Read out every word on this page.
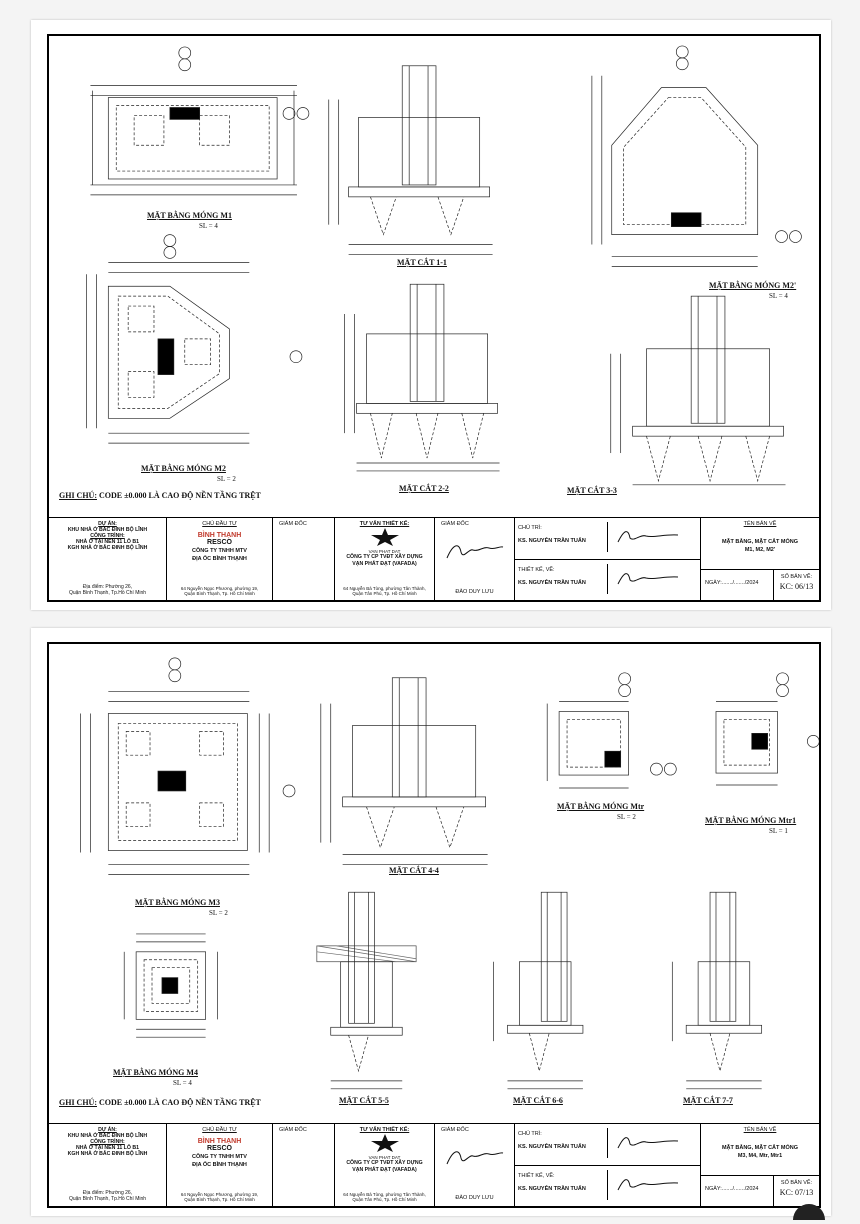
MẶT BẰNG MÓNG M1
SL = 4
MẶT CẮT 1-1
MẶT BẰNG MÓNG M2'
SL = 4
MẶT BẰNG MÓNG M2
SL = 2
MẶT CẮT 2-2	MẶT CẮT 3-3
GHI CHÚ: CODE ±0.000 LÀ CAO ĐỘ NỀN TẦNG TRỆT
DỰ ÁN:
KHU NHÀ Ở BẮC ĐINH BỘ LĨNH
CÔNG TRÌNH:
NHÀ Ở TẠI NỀN 11 LÔ B1
KGH NHÀ Ở BẮC ĐINH BỘ LĨNH
Địa điểm: Phường 26,
Quận Bình Thạnh, Tp.Hồ Chí Minh
CHỦ ĐẦU TƯ
BÌNH THẠNH
RESCO
CÔNG TY TNHH MTV
ĐỊA ỐC BÌNH THẠNH
64 Nguyễn Ngọc Phương, phường 19,
Quận Bình Thạnh, Tp. Hồ Chí Minh
GIÁM ĐỐC	TƯ VẤN THIẾT KẾ:
VAN PHAT DAT
CÔNG TY CP TVĐT XÂY DỰNG
VẠN PHÁT ĐẠT (VAFADA)
64 Nguyễn Bá Tòng, phường Tân Thành,
Quận Tân Phú, Tp. Hồ Chí Minh
GIÁM ĐỐC
ĐÀO DUY LƯU
CHỦ TRÌ:
KS. NGUYỄN TRẦN TUẤN
THIẾT KẾ, VẼ:
KS. NGUYỄN TRẦN TUẤN
TÊN BẢN VẼ
MẶT BẰNG, MẶT CẮT MÓNG
M1, M2, M2'
NGÀY:......./......./2024
SỐ BẢN VẼ:
KC: 06/13
MẶT BẰNG MÓNG M3
SL = 2
MẶT CẮT 4-4
MẶT BẰNG MÓNG Mtr
SL = 2	MẶT BẰNG MÓNG Mtr1
SL = 1
MẶT BẰNG MÓNG M4
SL = 4
MẶT CẮT 5-5	MẶT CẮT 6-6	MẶT CẮT 7-7
GHI CHÚ: CODE ±0.000 LÀ CAO ĐỘ NỀN TẦNG TRỆT
DỰ ÁN:
KHU NHÀ Ở BẮC ĐINH BỘ LĨNH
CÔNG TRÌNH:
NHÀ Ở TẠI NỀN 11 LÔ B1
KGH NHÀ Ở BẮC ĐINH BỘ LĨNH
Địa điểm: Phường 26,
Quận Bình Thạnh, Tp.Hồ Chí Minh
CHỦ ĐẦU TƯ
BÌNH THẠNH
RESCO
CÔNG TY TNHH MTV
ĐỊA ỐC BÌNH THẠNH
64 Nguyễn Ngọc Phương, phường 19,
Quận Bình Thạnh, Tp. Hồ Chí Minh
GIÁM ĐỐC	TƯ VẤN THIẾT KẾ:
VAN PHAT DAT
CÔNG TY CP TVĐT XÂY DỰNG
VẠN PHÁT ĐẠT (VAFADA)
64 Nguyễn Bá Tòng, phường Tân Thành,
Quận Tân Phú, Tp. Hồ Chí Minh
GIÁM ĐỐC
ĐÀO DUY LƯU
CHỦ TRÌ:
KS. NGUYỄN TRẦN TUẤN
THIẾT KẾ, VẼ:
KS. NGUYỄN TRẦN TUẤN
TÊN BẢN VẼ
MẶT BẰNG, MẶT CẮT MÓNG
M3, M4, Mtr, Mtr1
NGÀY:......./......./2024
SỐ BẢN VẼ:
KC: 07/13
